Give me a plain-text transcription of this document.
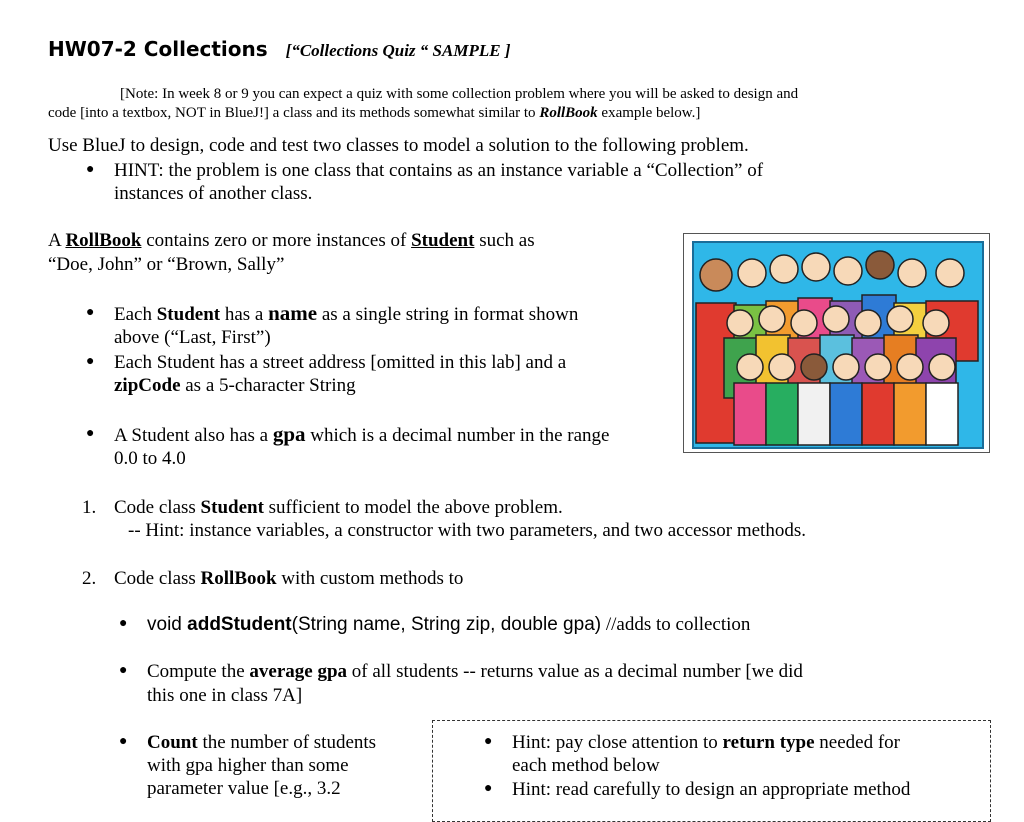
HW07-2 Collections [“Collections Quiz “ SAMPLE ]
[Note: In week 8 or 9 you can expect a quiz with some collection problem where you will be asked to design and
code [into a textbox, NOT in BlueJ!] a class and its methods somewhat similar to RollBook example below.]
Use BlueJ to design, code and test two classes to model a solution to the following problem.
● HINT: the problem is one class that contains as an instance variable a “Collection” of
instances of another class.
A RollBook contains zero or more instances of Student such as
“Doe, John” or “Brown, Sally”
● Each Student has a name as a single string in format shown
above (“Last, First”)
● Each Student has a street address [omitted in this lab] and a
zipCode as a 5-character String
● A Student also has a gpa which is a decimal number in the range
0.0 to 4.0
1. Code class Student sufficient to model the above problem.
-- Hint: instance variables, a constructor with two parameters, and two accessor methods.
2. Code class RollBook with custom methods to
● void addStudent(String name, String zip, double gpa) //adds to collection
● Compute the average gpa of all students -- returns value as a decimal number [we did
this one in class 7A]
● Count the number of students
with gpa higher than some
parameter value [e.g., 3.2
● Hint: pay close attention to return type needed for
each method below
● Hint: read carefully to design an appropriate method
